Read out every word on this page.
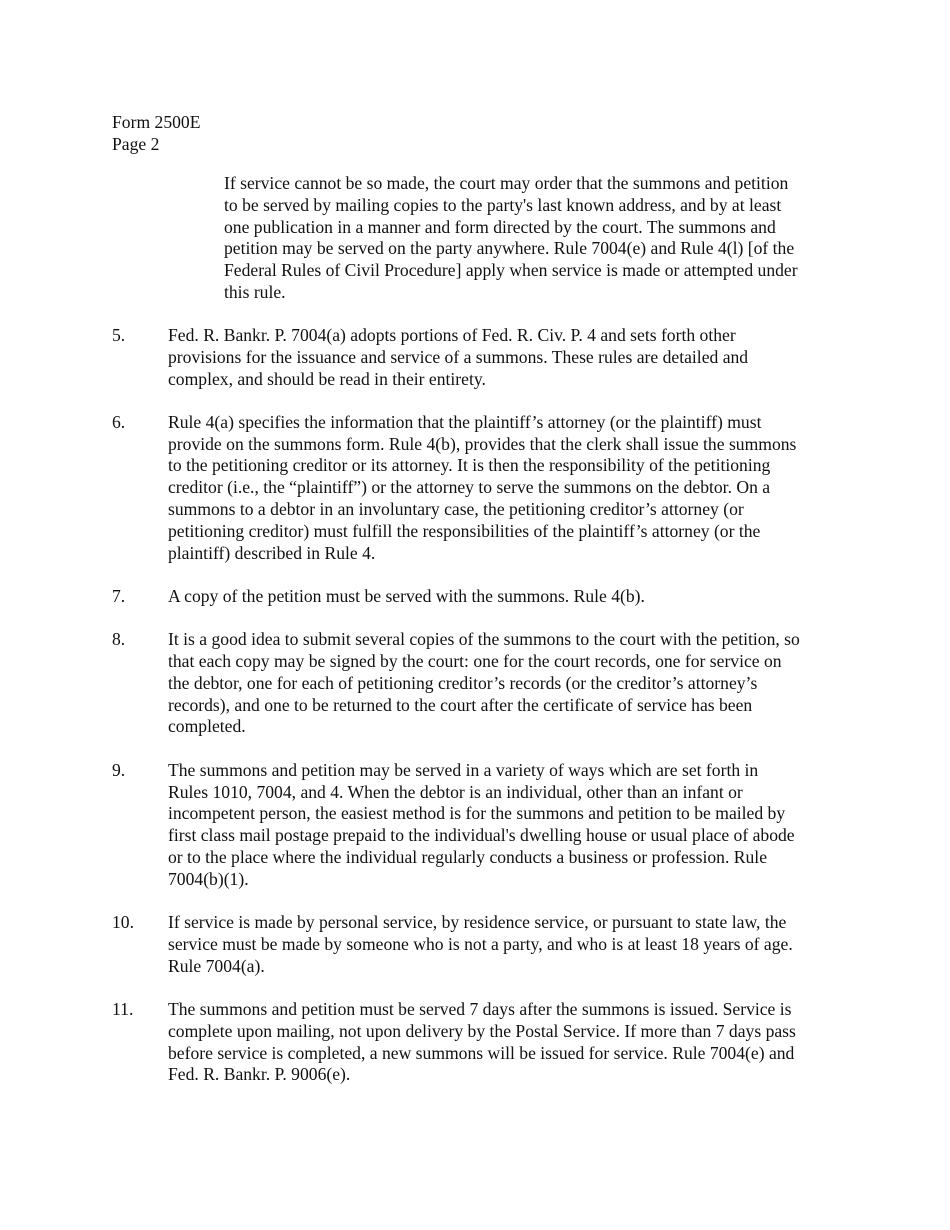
Form 2500E
Page 2
If service cannot be so made, the court may order that the summons and petition
to be served by mailing copies to the party's last known address, and by at least
one publication in a manner and form directed by the court. The summons and
petition may be served on the party anywhere. Rule 7004(e) and Rule 4(l) [of the
Federal Rules of Civil Procedure] apply when service is made or attempted under
this rule.
5.	Fed. R. Bankr. P. 7004(a) adopts portions of Fed. R. Civ. P. 4 and sets forth other
provisions for the issuance and service of a summons. These rules are detailed and
complex, and should be read in their entirety.
6.	Rule 4(a) specifies the information that the plaintiff’s attorney (or the plaintiff) must
provide on the summons form. Rule 4(b), provides that the clerk shall issue the summons
to the petitioning creditor or its attorney. It is then the responsibility of the petitioning
creditor (i.e., the “plaintiff”) or the attorney to serve the summons on the debtor. On a
summons to a debtor in an involuntary case, the petitioning creditor’s attorney (or
petitioning creditor) must fulfill the responsibilities of the plaintiff’s attorney (or the
plaintiff) described in Rule 4.
7.	A copy of the petition must be served with the summons. Rule 4(b).
8.	It is a good idea to submit several copies of the summons to the court with the petition, so
that each copy may be signed by the court: one for the court records, one for service on
the debtor, one for each of petitioning creditor’s records (or the creditor’s attorney’s
records), and one to be returned to the court after the certificate of service has been
completed.
9.	The summons and petition may be served in a variety of ways which are set forth in
Rules 1010, 7004, and 4. When the debtor is an individual, other than an infant or
incompetent person, the easiest method is for the summons and petition to be mailed by
first class mail postage prepaid to the individual's dwelling house or usual place of abode
or to the place where the individual regularly conducts a business or profession. Rule
7004(b)(1).
10.	If service is made by personal service, by residence service, or pursuant to state law, the
service must be made by someone who is not a party, and who is at least 18 years of age.
Rule 7004(a).
11.	The summons and petition must be served 7 days after the summons is issued. Service is
complete upon mailing, not upon delivery by the Postal Service. If more than 7 days pass
before service is completed, a new summons will be issued for service. Rule 7004(e) and
Fed. R. Bankr. P. 9006(e).
